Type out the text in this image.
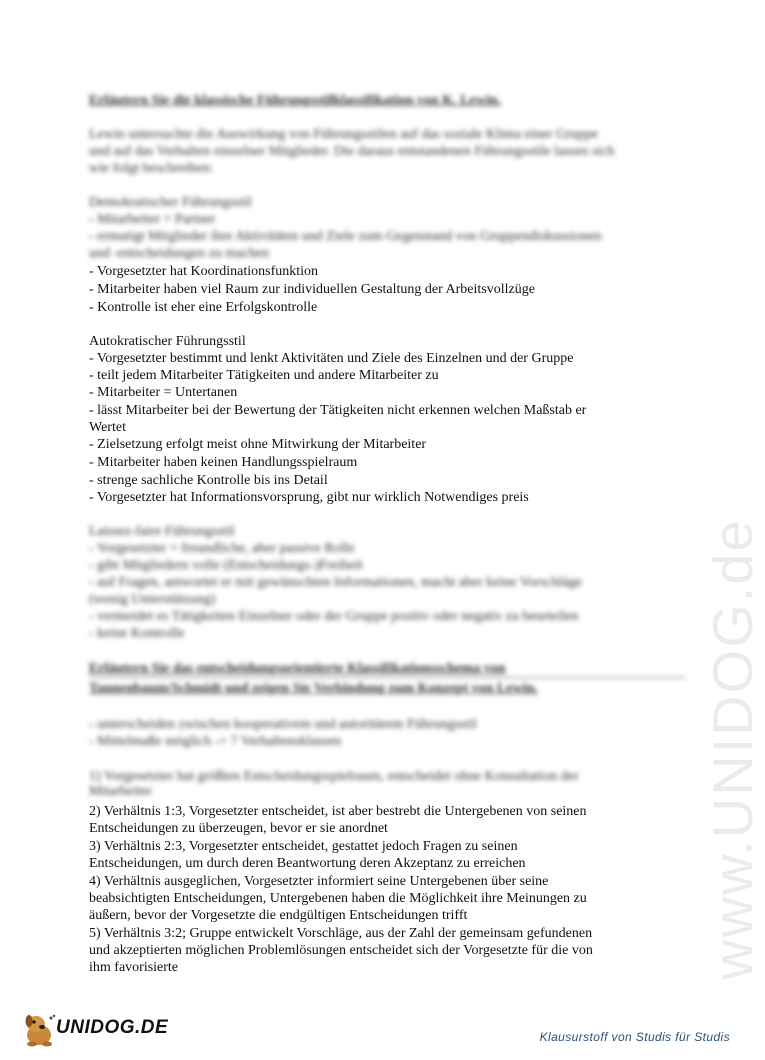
www.UNIDOG.de
Erläutern Sie die klassische Führungsstilklassifikation von K. Lewin.
Lewin untersuchte die Auswirkung von Führungsstilen auf das soziale Klima einer Gruppe
und auf das Verhalten einzelner Mitglieder. Die daraus entstandenen Führungsstile lassen sich
wie folgt beschreiben:
Demokratischer Führungsstil
- Mitarbeiter = Partner
- ermutigt Mitglieder ihre Aktivitäten und Ziele zum Gegenstand von Gruppendiskussionen
und -entscheidungen zu machen
- Vorgesetzter hat Koordinationsfunktion
- Mitarbeiter haben viel Raum zur individuellen Gestaltung der Arbeitsvollzüge
- Kontrolle ist eher eine Erfolgskontrolle
Autokratischer Führungsstil
- Vorgesetzter bestimmt und lenkt Aktivitäten und Ziele des Einzelnen und der Gruppe
- teilt jedem Mitarbeiter Tätigkeiten und andere Mitarbeiter zu
- Mitarbeiter = Untertanen
- lässt Mitarbeiter bei der Bewertung der Tätigkeiten nicht erkennen welchen Maßstab er
Wertet
- Zielsetzung erfolgt meist ohne Mitwirkung der Mitarbeiter
- Mitarbeiter haben keinen Handlungsspielraum
- strenge sachliche Kontrolle bis ins Detail
- Vorgesetzter hat Informationsvorsprung, gibt nur wirklich Notwendiges preis
Laissez-faire Führungsstil
- Vorgesetzter = freundliche, aber passive Rolle
- gibt Mitgliedern volle (Entscheidungs-)Freiheit
- auf Fragen, antwortet er mit gewünschten Informationen, macht aber keine Vorschläge
(wenig Unterstützung)
- vermeidet es Tätigkeiten Einzelner oder der Gruppe positiv oder negativ zu beurteilen
- keine Kontrolle
Erläutern Sie das entscheidungsorientierte Klassifikationsschema von
Tannenbaum/Schmidt und zeigen Sie Verbindung zum Konzept von Lewin.
- unterscheiden zwischen kooperativem und autoritärem Führungsstil
- Mittelmaße möglich -> 7 Verhaltensklassen
1) Vorgesetzter hat größten Entscheidungsspielraum, entscheidet ohne Konsultation der
Mitarbeiter
2) Verhältnis 1:3, Vorgesetzter entscheidet, ist aber bestrebt die Untergebenen von seinen
Entscheidungen zu überzeugen, bevor er sie anordnet
3) Verhältnis 2:3, Vorgesetzter entscheidet, gestattet jedoch Fragen zu seinen
Entscheidungen, um durch deren Beantwortung deren Akzeptanz zu erreichen
4) Verhältnis ausgeglichen, Vorgesetzter informiert seine Untergebenen über seine
beabsichtigten Entscheidungen, Untergebenen haben die Möglichkeit ihre Meinungen zu
äußern, bevor der Vorgesetzte die endgültigen Entscheidungen trifft
5) Verhältnis 3:2; Gruppe entwickelt Vorschläge, aus der Zahl der gemeinsam gefundenen
und akzeptierten möglichen Problemlösungen entscheidet sich der Vorgesetzte für die von
ihm favorisierte
UNIDOG.DE	Klausurstoff von Studis für Studis
